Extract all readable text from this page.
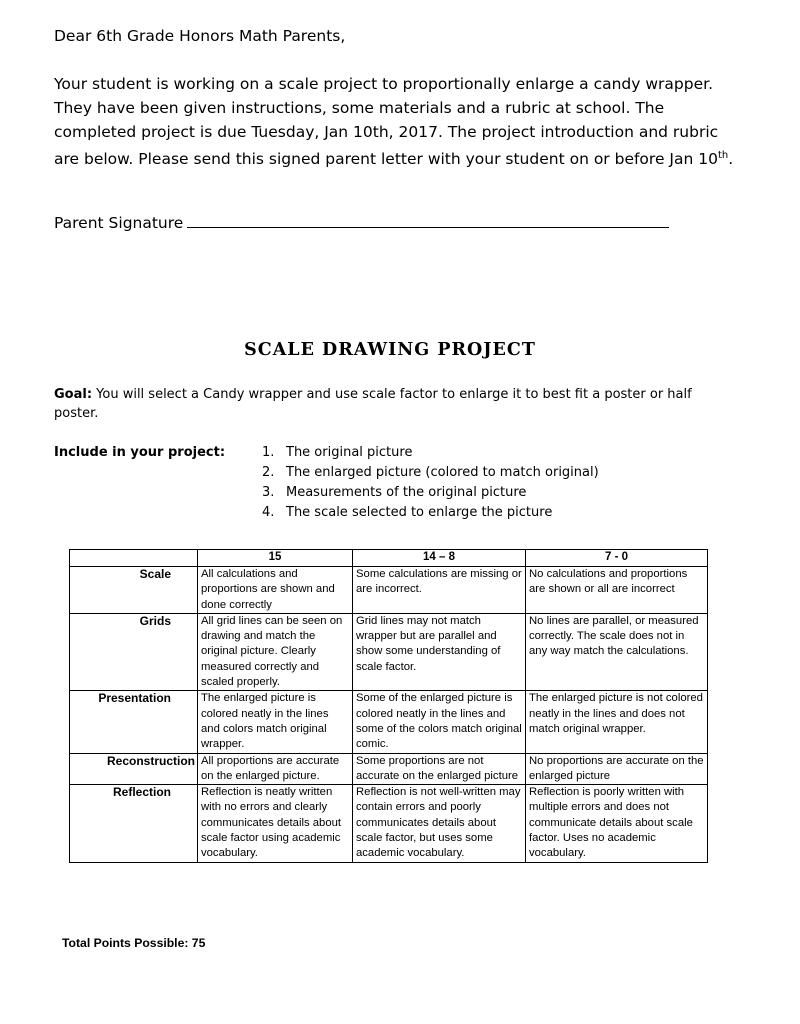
Dear 6th Grade Honors Math Parents,

Your student is working on a scale project to proportionally enlarge a candy wrapper. They have been given instructions, some materials and a rubric at school. The completed project is due Tuesday, Jan 10th, 2017. The project introduction and rubric are below. Please send this signed parent letter with your student on or before Jan 10th.

Parent Signature
SCALE DRAWING PROJECT
Goal: You will select a Candy wrapper and use scale factor to enlarge it to best fit a poster or half poster.
Include in your project:	1. The original picture
2. The enlarged picture (colored to match original)
3. Measurements of the original picture
4. The scale selected to enlarge the picture
	15	14 – 8	7 - 0
Scale	All calculations and proportions are shown and done correctly	Some calculations are missing or are incorrect.	No calculations and proportions are shown or all are incorrect
Grids	All grid lines can be seen on drawing and match the original picture. Clearly measured correctly and scaled properly.	Grid lines may not match wrapper but are parallel and show some understanding of scale factor.	No lines are parallel, or measured correctly. The scale does not in any way match the calculations.
Presentation	The enlarged picture is colored neatly in the lines and colors match original wrapper.	Some of the enlarged picture is colored neatly in the lines and some of the colors match original comic.	The enlarged picture is not colored neatly in the lines and does not match original wrapper.
Reconstruction	All proportions are accurate on the enlarged picture.	Some proportions are not accurate on the enlarged picture	No proportions are accurate on the enlarged picture
Reflection	Reflection is neatly written with no errors and clearly communicates details about scale factor using academic vocabulary.	Reflection is not well-written may contain errors and poorly communicates details about scale factor, but uses some academic vocabulary.	Reflection is poorly written with multiple errors and does not communicate details about scale factor. Uses no academic vocabulary.
Total Points Possible: 75
